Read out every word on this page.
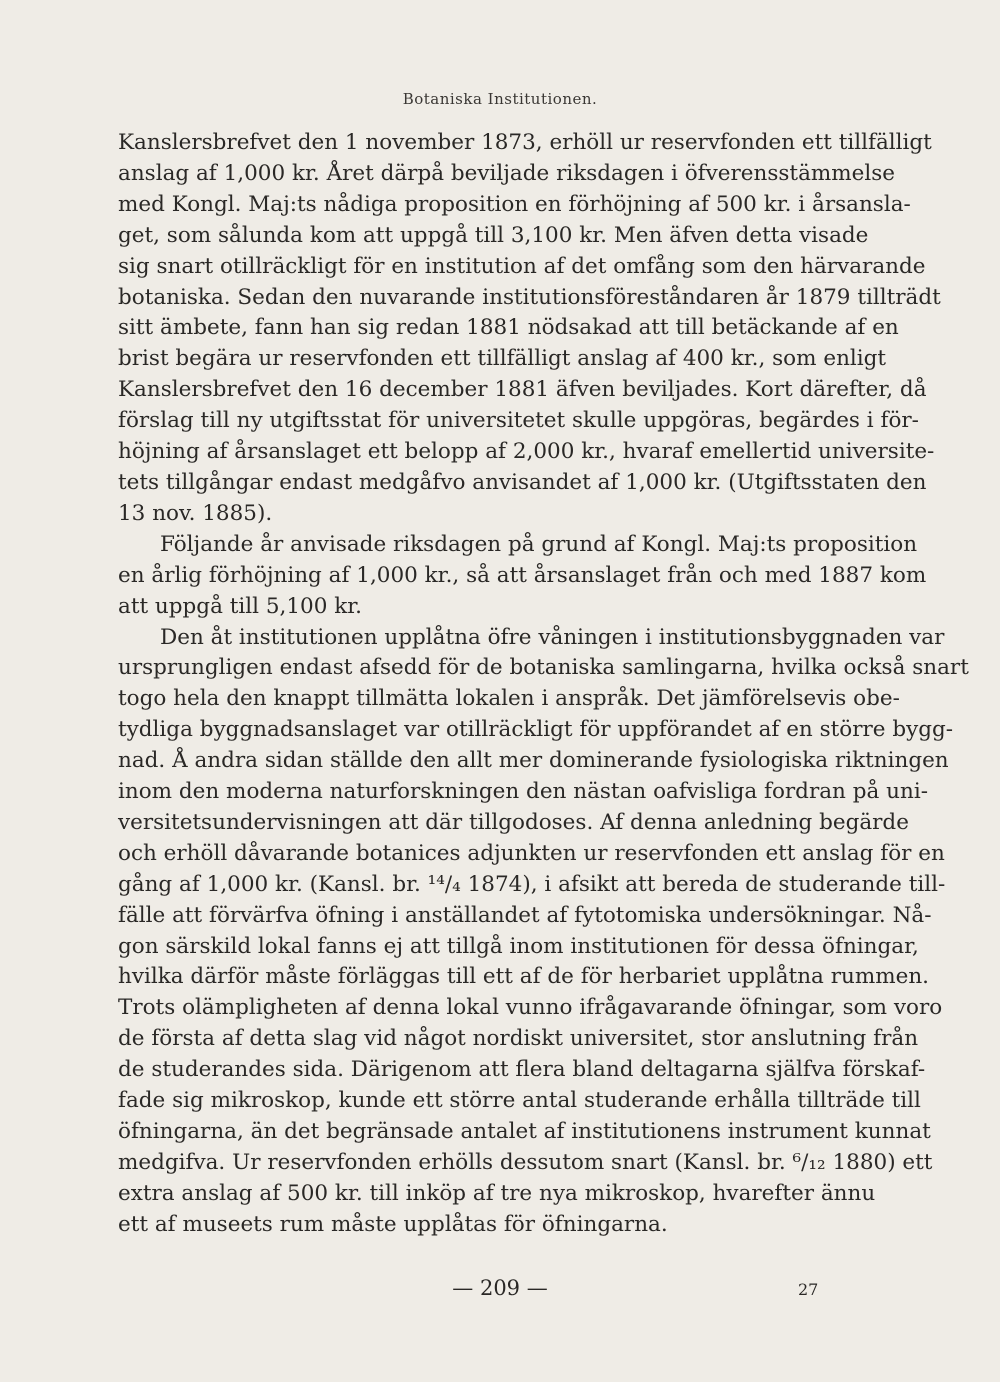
Botaniska Institutionen.
Kanslersbrefvet den 1 november 1873, erhöll ur reservfonden ett tillfälligt
anslag af 1,000 kr. Året därpå beviljade riksdagen i öfverensstämmelse
med Kongl. Maj:ts nådiga proposition en förhöjning af 500 kr. i årsansla-
get, som sålunda kom att uppgå till 3,100 kr. Men äfven detta visade
sig snart otillräckligt för en institution af det omfång som den härvarande
botaniska. Sedan den nuvarande institutionsföreståndaren år 1879 tillträdt
sitt ämbete, fann han sig redan 1881 nödsakad att till betäckande af en
brist begära ur reservfonden ett tillfälligt anslag af 400 kr., som enligt
Kanslersbrefvet den 16 december 1881 äfven beviljades. Kort därefter, då
förslag till ny utgiftsstat för universitetet skulle uppgöras, begärdes i för-
höjning af årsanslaget ett belopp af 2,000 kr., hvaraf emellertid universite-
tets tillgångar endast medgåfvo anvisandet af 1,000 kr. (Utgiftsstaten den
13 nov. 1885).
Följande år anvisade riksdagen på grund af Kongl. Maj:ts proposition
en årlig förhöjning af 1,000 kr., så att årsanslaget från och med 1887 kom
att uppgå till 5,100 kr.
Den åt institutionen upplåtna öfre våningen i institutionsbyggnaden var
ursprungligen endast afsedd för de botaniska samlingarna, hvilka också snart
togo hela den knappt tillmätta lokalen i anspråk. Det jämförelsevis obe-
tydliga byggnadsanslaget var otillräckligt för uppförandet af en större bygg-
nad. Å andra sidan ställde den allt mer dominerande fysiologiska riktningen
inom den moderna naturforskningen den nästan oafvisliga fordran på uni-
versitetsundervisningen att där tillgodoses. Af denna anledning begärde
och erhöll dåvarande botanices adjunkten ur reservfonden ett anslag för en
gång af 1,000 kr. (Kansl. br. ¹⁴/₄ 1874), i afsikt att bereda de studerande till-
fälle att förvärfva öfning i anställandet af fytotomiska undersökningar. Nå-
gon särskild lokal fanns ej att tillgå inom institutionen för dessa öfningar,
hvilka därför måste förläggas till ett af de för herbariet upplåtna rummen.
Trots olämpligheten af denna lokal vunno ifrågavarande öfningar, som voro
de första af detta slag vid något nordiskt universitet, stor anslutning från
de studerandes sida. Därigenom att flera bland deltagarna själfva förskaf-
fade sig mikroskop, kunde ett större antal studerande erhålla tillträde till
öfningarna, än det begränsade antalet af institutionens instrument kunnat
medgifva. Ur reservfonden erhölls dessutom snart (Kansl. br. ⁶/₁₂ 1880) ett
extra anslag af 500 kr. till inköp af tre nya mikroskop, hvarefter ännu
ett af museets rum måste upplåtas för öfningarna.
— 209 —	27
